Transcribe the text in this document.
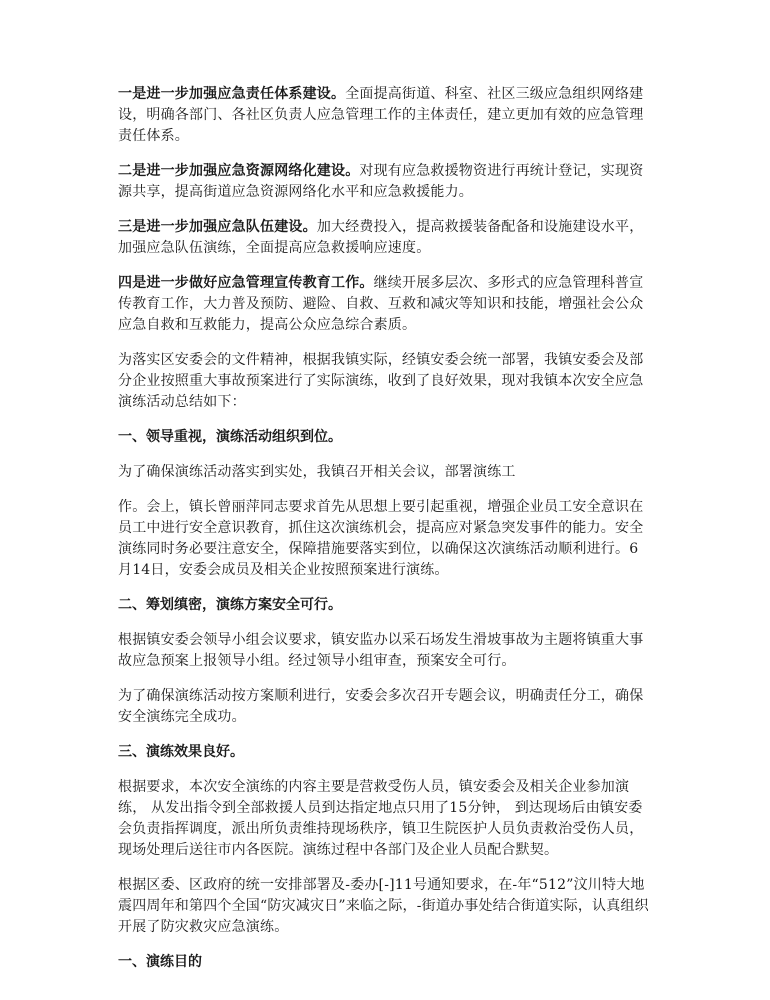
一是进一步加强应急责任体系建设。全面提高街道、科室、社区三级应急组织网络建设，明确各部门、各社区负责人应急管理工作的主体责任，建立更加有效的应急管理责任体系。

二是进一步加强应急资源网络化建设。对现有应急救援物资进行再统计登记，实现资源共享，提高街道应急资源网络化水平和应急救援能力。

三是进一步加强应急队伍建设。加大经费投入，提高救援装备配备和设施建设水平，加强应急队伍演练，全面提高应急救援响应速度。

四是进一步做好应急管理宣传教育工作。继续开展多层次、多形式的应急管理科普宣传教育工作，大力普及预防、避险、自救、互救和减灾等知识和技能，增强社会公众应急自救和互救能力，提高公众应急综合素质。

为落实区安委会的文件精神，根据我镇实际，经镇安委会统一部署，我镇安委会及部分企业按照重大事故预案进行了实际演练，收到了良好效果，现对我镇本次安全应急演练活动总结如下：

一、领导重视，演练活动组织到位。

为了确保演练活动落实到实处，我镇召开相关会议，部署演练工

作。会上，镇长曾丽萍同志要求首先从思想上要引起重视，增强企业员工安全意识在员工中进行安全意识教育，抓住这次演练机会，提高应对紧急突发事件的能力。安全演练同时务必要注意安全，保障措施要落实到位，以确保这次演练活动顺利进行。6月14日，安委会成员及相关企业按照预案进行演练。

二、筹划缜密，演练方案安全可行。

根据镇安委会领导小组会议要求，镇安监办以采石场发生滑坡事故为主题将镇重大事故应急预案上报领导小组。经过领导小组审查，预案安全可行。

为了确保演练活动按方案顺利进行，安委会多次召开专题会议，明确责任分工，确保安全演练完全成功。

三、演练效果良好。

根据要求，本次安全演练的内容主要是营救受伤人员，镇安委会及相关企业参加演练， 从发出指令到全部救援人员到达指定地点只用了15分钟， 到达现场后由镇安委会负责指挥调度，派出所负责维持现场秩序，镇卫生院医护人员负责救治受伤人员，现场处理后送往市内各医院。演练过程中各部门及企业人员配合默契。

根据区委、区政府的统一安排部署及-委办[-]11号通知要求，在-年“512”汶川特大地震四周年和第四个全国“防灾减灾日”来临之际，-街道办事处结合街道实际，认真组织开展了防灾救灾应急演练。

一、演练目的
